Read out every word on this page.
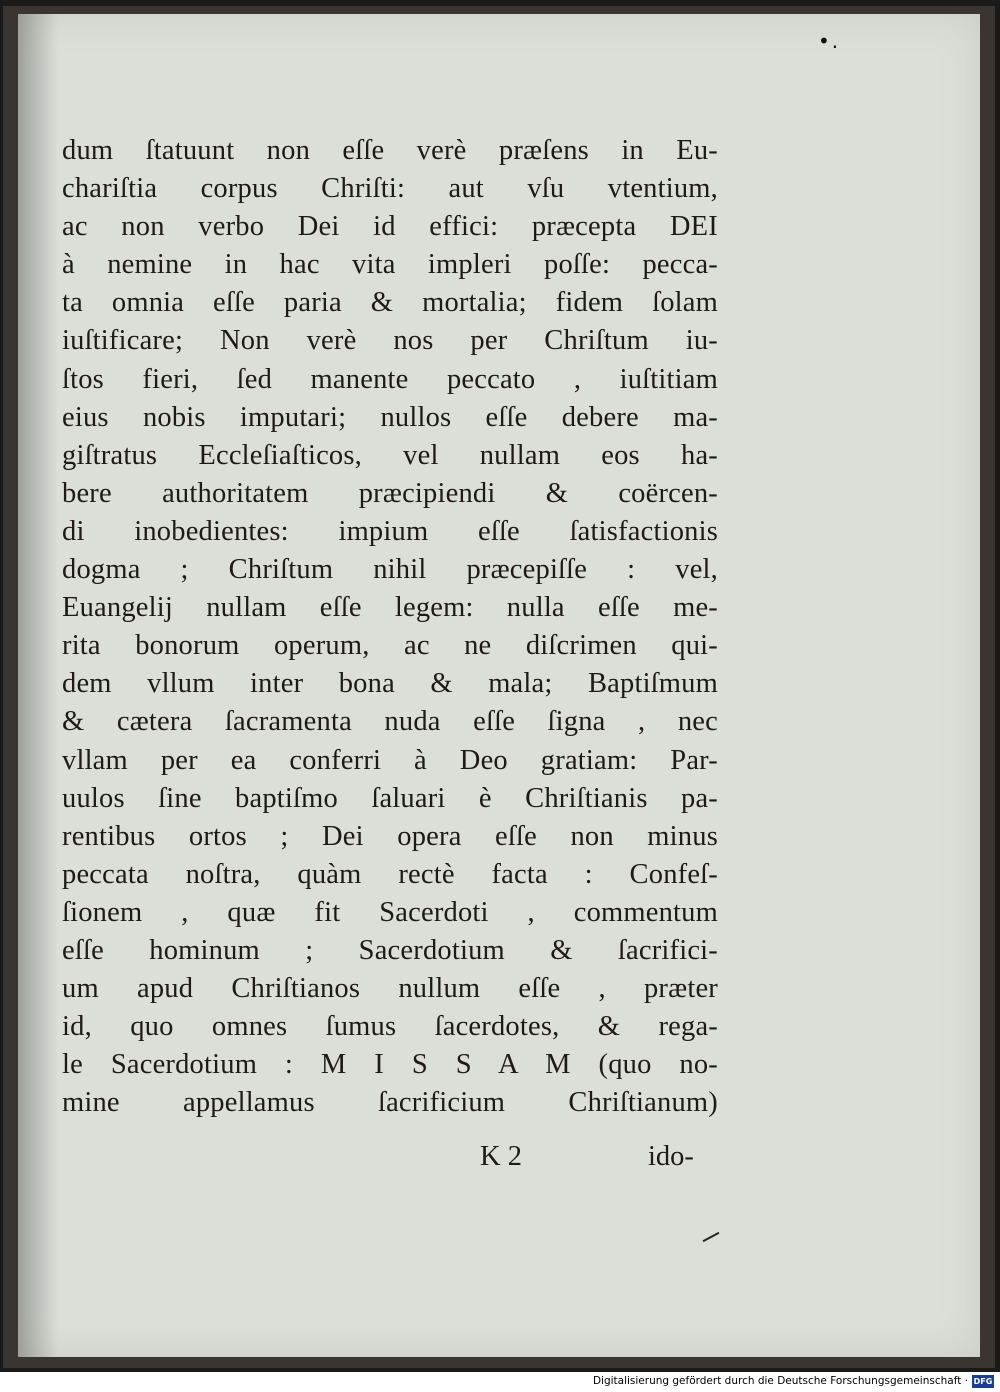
•.
dum ſtatuunt non eſſe verè præſens in Eu-
chariſtia corpus Chriſti: aut vſu vtentium,
ac non verbo Dei id effici: præcepta DEI
à nemine in hac vita impleri poſſe: pecca-
ta omnia eſſe paria & mortalia; fidem ſolam
iuſtificare; Non verè nos per Chriſtum iu-
ſtos fieri, ſed manente peccato , iuſtitiam
eius nobis imputari; nullos eſſe debere ma-
giſtratus Eccleſiaſticos, vel nullam eos ha-
bere authoritatem præcipiendi & coërcen-
di inobedientes: impium eſſe ſatisfactionis
dogma ; Chriſtum nihil præcepiſſe : vel,
Euangelij nullam eſſe legem: nulla eſſe me-
rita bonorum operum, ac ne diſcrimen qui-
dem vllum inter bona & mala; Baptiſmum
& cætera ſacramenta nuda eſſe ſigna , nec
vllam per ea conferri à Deo gratiam: Par-
uulos ſine baptiſmo ſaluari è Chriſtianis pa-
rentibus ortos ; Dei opera eſſe non minus
peccata noſtra, quàm rectè facta : Confeſ-
ſionem , quæ fit Sacerdoti , commentum
eſſe hominum ; Sacerdotium & ſacrifici-
um apud Chriſtianos nullum eſſe , præter
id, quo omnes ſumus ſacerdotes, & rega-
le Sacerdotium : M I S S A M (quo no-
mine appellamus ſacrificium Chriſtianum)
K 2	ido-
Digitalisierung gefördert durch die Deutsche Forschungsgemeinschaft · DFG
